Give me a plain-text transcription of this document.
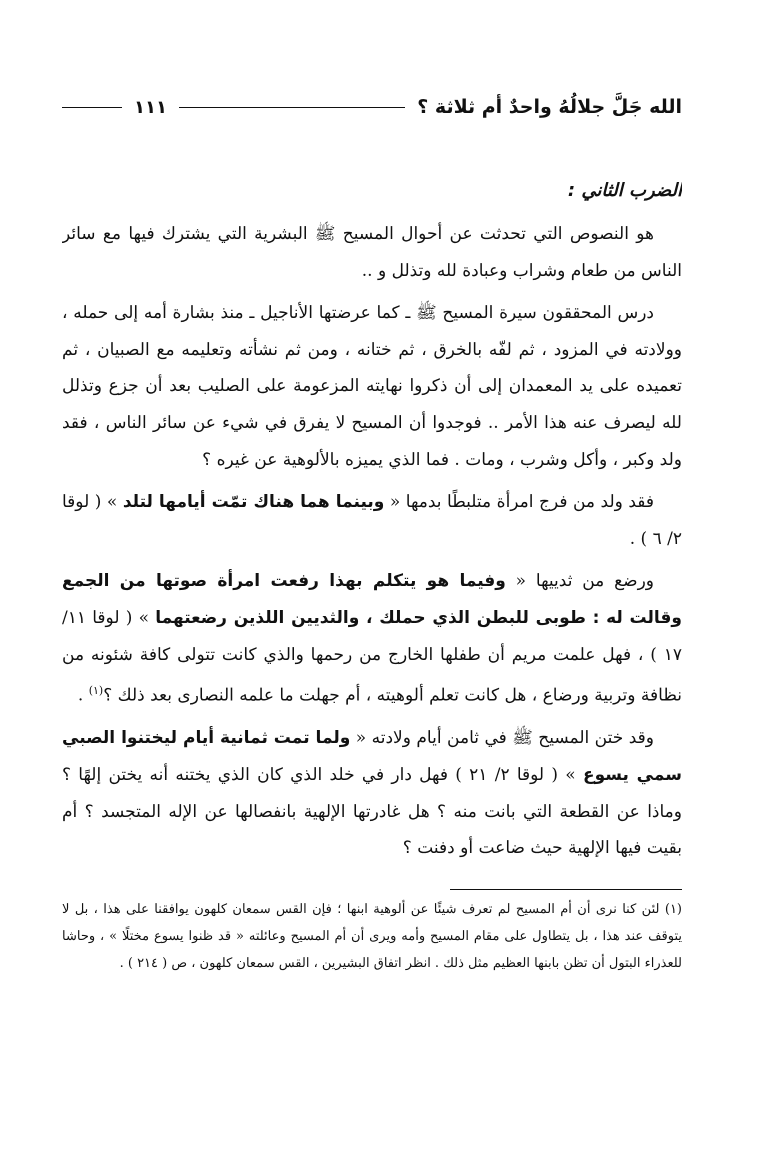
الله جَلَّ جلالُهُ واحدٌ أم ثلاثة ؟
١١١
الضرب الثاني :

هو النصوص التي تحدثت عن أحوال المسيح ﷺ البشرية التي يشترك فيها مع سائر الناس من طعام وشراب وعبادة لله وتذلل و ..

درس المحققون سيرة المسيح ﷺ ـ كما عرضتها الأناجيل ـ منذ بشارة أمه إلى حمله ، وولادته في المزود ، ثم لفّه بالخرق ، ثم ختانه ، ومن ثم نشأته وتعليمه مع الصبيان ، ثم تعميده على يد المعمدان إلى أن ذكروا نهايته المزعومة على الصليب بعد أن جزع وتذلل لله ليصرف عنه هذا الأمر .. فوجدوا أن المسيح لا يفرق في شيء عن سائر الناس ، فقد ولد وكبر ، وأكل وشرب ، ومات . فما الذي يميزه بالألوهية عن غيره ؟

فقد ولد من فرج امرأة متلبطًا بدمها « وبينما هما هناك تمّت أيامها لتلد » ( لوقا ٢/ ٦ ) .

ورضع من ثدييها « وفيما هو يتكلم بهذا رفعت امرأة صوتها من الجمع وقالت له : طوبى للبطن الذي حملك ، والثديين اللذين رضعتهما » ( لوقا ١١/ ١٧ ) ، فهل علمت مريم أن طفلها الخارج من رحمها والذي كانت تتولى كافة شئونه من نظافة وتربية ورضاع ، هل كانت تعلم ألوهيته ، أم جهلت ما علمه النصارى بعد ذلك ؟$^{(١)}$ .

وقد ختن المسيح ﷺ في ثامن أيام ولادته « ولما تمت ثمانية أيام ليختنوا الصبي سمي يسوع » ( لوقا ٢/ ٢١ ) فهل دار في خلد الذي كان الذي يختنه أنه يختن إلهًا ؟ وماذا عن القطعة التي بانت منه ؟ هل غادرتها الإلهية بانفصالها عن الإله المتجسد ؟ أم بقيت فيها الإلهية حيث ضاعت أو دفنت ؟

(١) لئن كنا نرى أن أم المسيح لم تعرف شيئًا عن ألوهية ابنها ؛ فإن القس سمعان كلهون يوافقنا على هذا ، بل لا يتوقف عند هذا ، بل يتطاول على مقام المسيح وأمه ويرى أن أم المسيح وعائلته « قد ظنوا يسوع مختلًا » ، وحاشا للعذراء البتول أن تظن بابنها العظيم مثل ذلك . انظر اتفاق البشيرين ، القس سمعان كلهون ، ص ( ٢١٤ ) .
